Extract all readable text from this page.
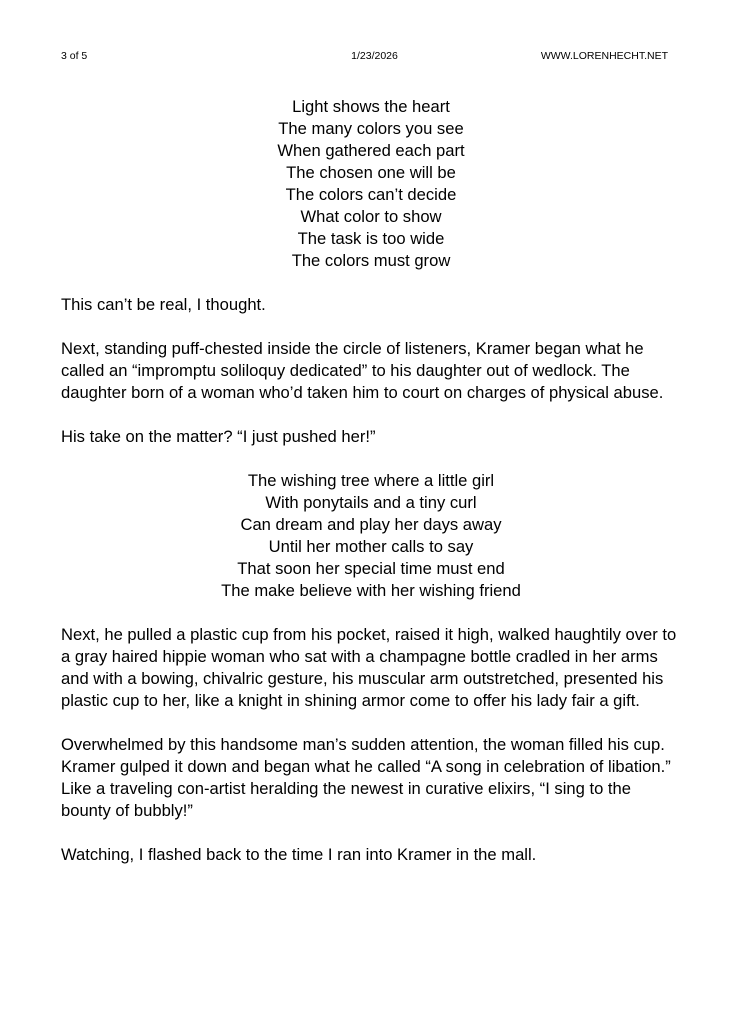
3 of 5	1/23/2026	WWW.LORENHECHT.NET
Light shows the heart
The many colors you see
When gathered each part
The chosen one will be
The colors can’t decide
What color to show
The task is too wide
The colors must grow

This can’t be real, I thought.

Next, standing puff-chested inside the circle of listeners, Kramer began what he called an “impromptu soliloquy dedicated” to his daughter out of wedlock. The daughter born of a woman who’d taken him to court on charges of physical abuse.

His take on the matter? “I just pushed her!”

The wishing tree where a little girl
With ponytails and a tiny curl
Can dream and play her days away
Until her mother calls to say
That soon her special time must end
The make believe with her wishing friend

Next, he pulled a plastic cup from his pocket, raised it high, walked haughtily over to a gray haired hippie woman who sat with a champagne bottle cradled in her arms and with a bowing, chivalric gesture, his muscular arm outstretched, presented his plastic cup to her, like a knight in shining armor come to offer his lady fair a gift.

Overwhelmed by this handsome man’s sudden attention, the woman filled his cup. Kramer gulped it down and began what he called “A song in celebration of libation.” Like a traveling con-artist heralding the newest in curative elixirs, “I sing to the bounty of bubbly!”

Watching, I flashed back to the time I ran into Kramer in the mall.
